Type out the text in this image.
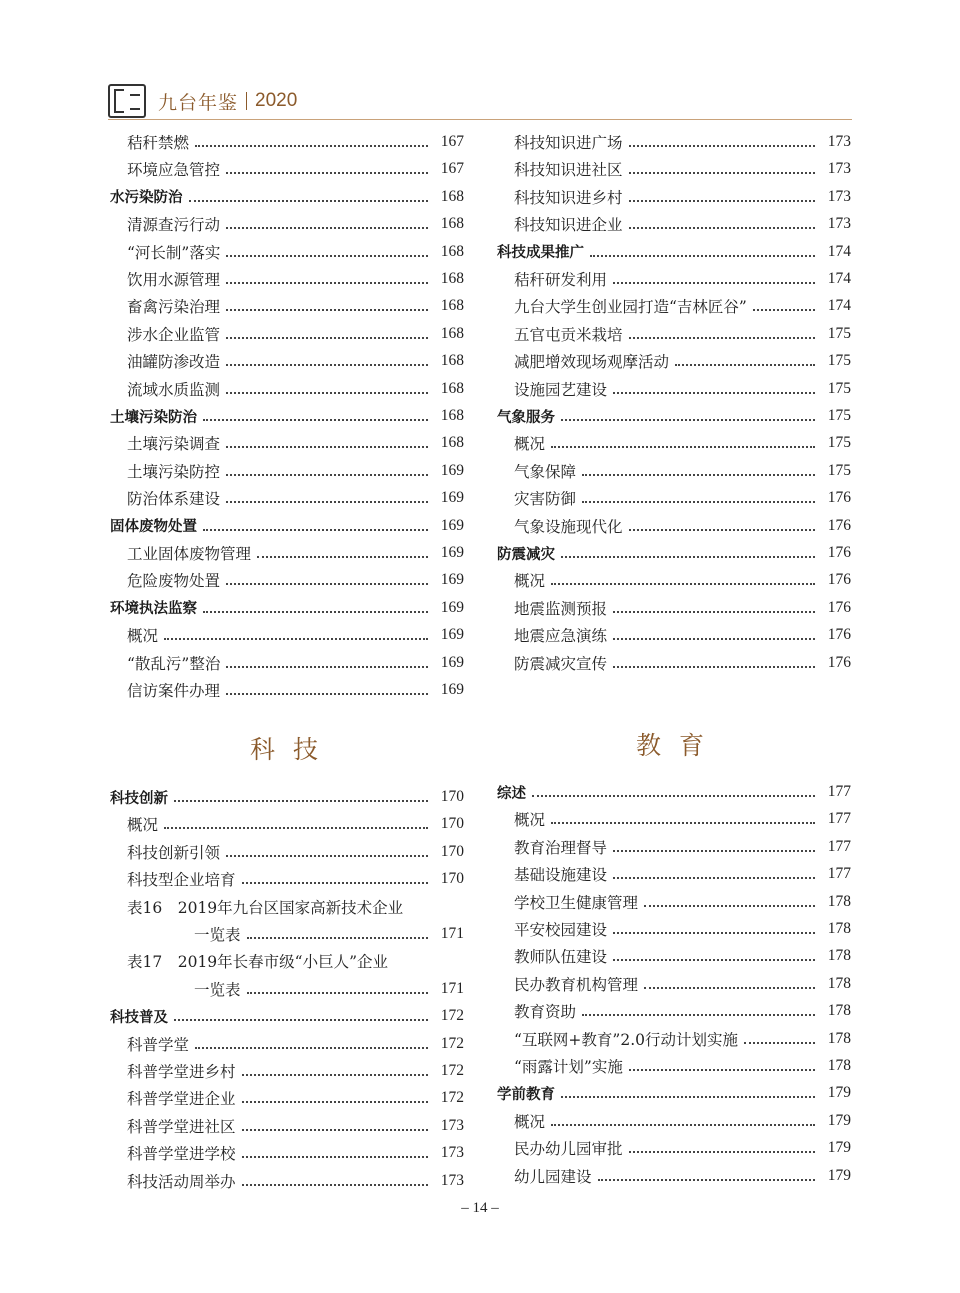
九台年鉴 2020
秸秆禁燃	167
环境应急管控	167
水污染防治	168
清源查污行动	168
“河长制”落实	168
饮用水源管理	168
畜禽污染治理	168
涉水企业监管	168
油罐防渗改造	168
流域水质监测	168
土壤污染防治	168
土壤污染调查	168
土壤污染防控	169
防治体系建设	169
固体废物处置	169
工业固体废物管理	169
危险废物处置	169
环境执法监察	169
概况	169
“散乱污”整治	169
信访案件办理	169
科技知识进广场	173
科技知识进社区	173
科技知识进乡村	173
科技知识进企业	173
科技成果推广	174
秸秆研发利用	174
九台大学生创业园打造“吉林匠谷”	174
五官屯贡米栽培	175
减肥增效现场观摩活动	175
设施园艺建设	175
气象服务	175
概况	175
气象保障	175
灾害防御	176
气象设施现代化	176
防震减灾	176
概况	176
地震监测预报	176
地震应急演练	176
防震减灾宣传	176
科技	教育
科技创新	170
概况	170
科技创新引领	170
科技型企业培育	170
表16　2019年九台区国家高新技术企业
一览表	171
表17　2019年长春市级“小巨人”企业
一览表	171
科技普及	172
科普学堂	172
科普学堂进乡村	172
科普学堂进企业	172
科普学堂进社区	173
科普学堂进学校	173
科技活动周举办	173
综述	177
概况	177
教育治理督导	177
基础设施建设	177
学校卫生健康管理	178
平安校园建设	178
教师队伍建设	178
民办教育机构管理	178
教育资助	178
“互联网+教育”2.0行动计划实施	178
“雨露计划”实施	178
学前教育	179
概况	179
民办幼儿园审批	179
幼儿园建设	179
– 14 –
